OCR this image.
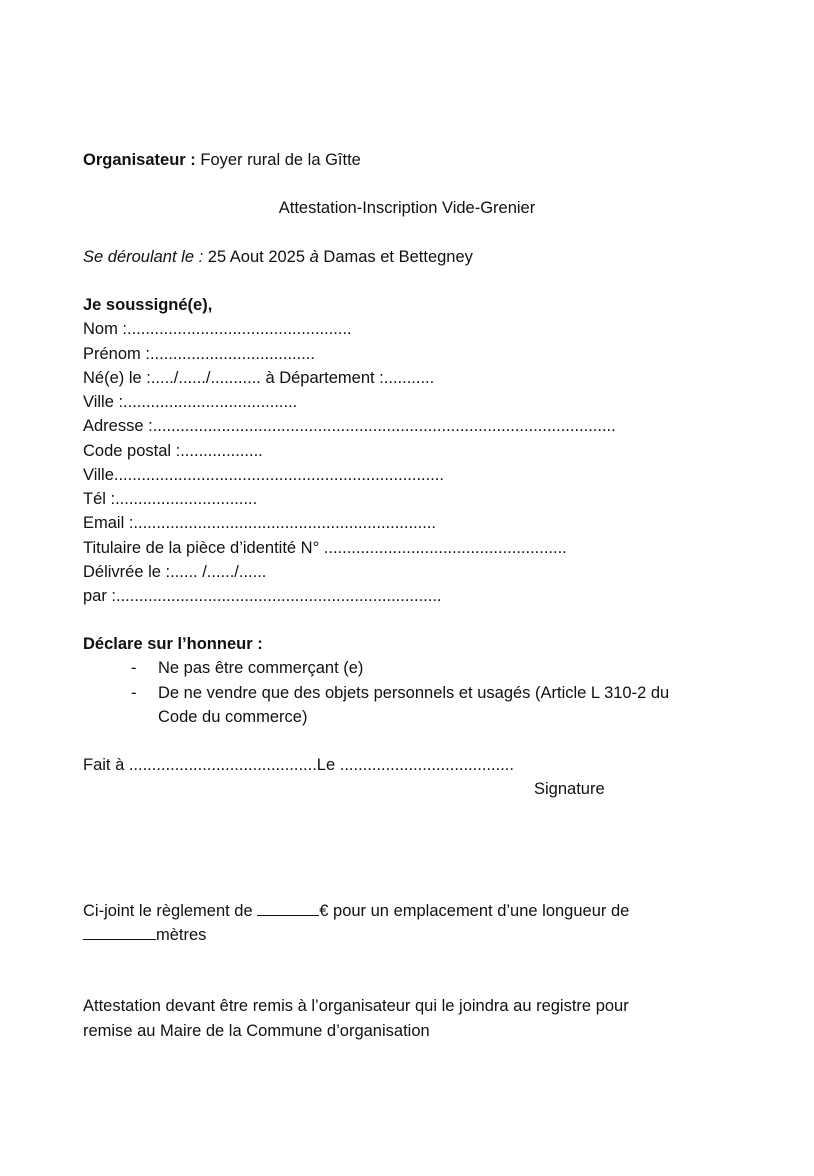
Organisateur : Foyer rural de la Gîtte
Attestation-Inscription Vide-Grenier
Se déroulant le : 25 Aout 2025 à Damas et Bettegney
Je soussigné(e),
Nom :.................................................
Prénom :....................................
Né(e) le :...../....../........... à Département :...........
Ville :......................................
Adresse :.....................................................................................................
Code postal :..................
Ville........................................................................
Tél :...............................
Email :..................................................................
Titulaire de la pièce d’identité N° .....................................................
Délivrée le :...... /....../......
par :.......................................................................
Déclare sur l’honneur :
- Ne pas être commerçant (e)
- De ne vendre que des objets personnels et usagés (Article L 310-2 du
Code du commerce)
Fait à .........................................Le ......................................
Signature
Ci-joint le règlement de	€ pour un emplacement d’une longueur de
mètres
Attestation devant être remis à l’organisateur qui le joindra au registre pour
remise au Maire de la Commune d’organisation
